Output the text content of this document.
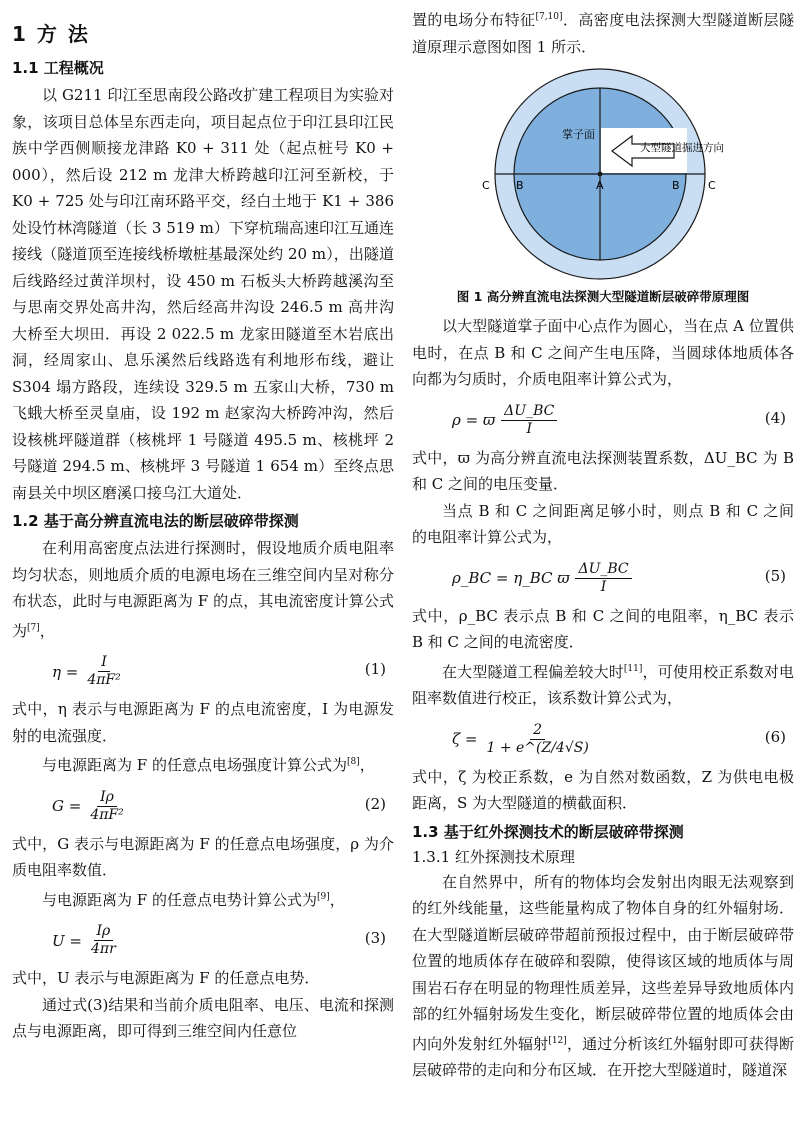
1 方 法
1.1 工程概况

以 G211 印江至思南段公路改扩建工程项目为实验对象，该项目总体呈东西走向，项目起点位于印江县印江民族中学西侧顺接龙津路 K0 + 311 处（起点桩号 K0 + 000），然后设 212 m 龙津大桥跨越印江河至新校，于 K0 + 725 处与印江南环路平交，经白土地于 K1 + 386 处设竹林湾隧道（长 3 519 m）下穿杭瑞高速印江互通连接线（隧道顶至连接线桥墩桩基最深处约 20 m），出隧道后线路经过黄洋坝村，设 450 m 石板头大桥跨越溪沟至与思南交界处高井沟，然后经高井沟设 246.5 m 高井沟大桥至大坝田．再设 2 022.5 m 龙家田隧道至木岩底出洞，经周家山、息乐溪然后线路选有利地形布线，避让 S304 塌方路段，连续设 329.5 m 五家山大桥，730 m 飞蛾大桥至灵皇庙，设 192 m 赵家沟大桥跨冲沟，然后设核桃坪隧道群（核桃坪 1 号隧道 495.5 m、核桃坪 2 号隧道 294.5 m、核桃坪 3 号隧道 1 654 m）至终点思南县关中坝区磨溪口接乌江大道处．

1.2 基于高分辨直流电法的断层破碎带探测

在利用高密度点法进行探测时，假设地质介质电阻率均匀状态，则地质介质的电源电场在三维空间内呈对称分布状态，此时与电源距离为 F 的点，其电流密度计算公式为[7]，

$\eta = \frac{I}{\text{4πF²}}$	(1)

式中，η 表示与电源距离为 F 的点电流密度，I 为电源发射的电流强度．

与电源距离为 F 的任意点电场强度计算公式为[8]，

$G = \frac{I\rho}{\text{4πF²}}$	(2)

式中，G 表示与电源距离为 F 的任意点电场强度，ρ 为介质电阻率数值．

与电源距离为 F 的任意点电势计算公式为[9]，

$U = \frac{I\rho}{4\pi r}$	(3)

式中，U 表示与电源距离为 F 的任意点电势．

通过式(3)结果和当前介质电阻率、电压、电流和探测点与电源距离，即可得到三维空间内任意位

置的电场分布特征[7,10]．高密度电法探测大型隧道断层隧道原理示意图如图 1 所示．

掌子面
大型隧道掘进方向
C B	A	B	C
图 1 高分辨直流电法探测大型隧道断层破碎带原理图

以大型隧道掌子面中心点作为圆心，当在点 A 位置供电时，在点 B 和 C 之间产生电压降，当圆球体地质体各向都为匀质时，介质电阻率计算公式为，

ρ = ϖ $\frac{\Delta U\_BC}{I}$	(4)

式中，ϖ 为高分辨直流电法探测装置系数，ΔU_BC 为 B 和 C 之间的电压变量．

当点 B 和 C 之间距离足够小时，则点 B 和 C 之间的电阻率计算公式为，

ρ_BC = η_BC ϖ $\frac{\Delta U\_BC}{I}$	(5)

式中，ρ_BC 表示点 B 和 C 之间的电阻率，η_BC 表示 B 和 C 之间的电流密度．

在大型隧道工程偏差较大时[11]，可使用校正系数对电阻率数值进行校正，该系数计算公式为，

$\zeta = \frac{2}{1 + e\^{}(Z/4√S)}$	(6)

式中，ζ 为校正系数，e 为自然对数函数，Z 为供电电极距离，S 为大型隧道的横截面积．

1.3 基于红外探测技术的断层破碎带探测
1.3.1 红外探测技术原理

在自然界中，所有的物体均会发射出肉眼无法观察到的红外线能量，这些能量构成了物体自身的红外辐射场．在大型隧道断层破碎带超前预报过程中，由于断层破碎带位置的地质体存在破碎和裂隙，使得该区域的地质体与周围岩石存在明显的物理性质差异，这些差异导致地质体内部的红外辐射场发生变化，断层破碎带位置的地质体会由内向外发射红外辐射[12]，通过分析该红外辐射即可获得断层破碎带的走向和分布区域．在开挖大型隧道时，隧道深
